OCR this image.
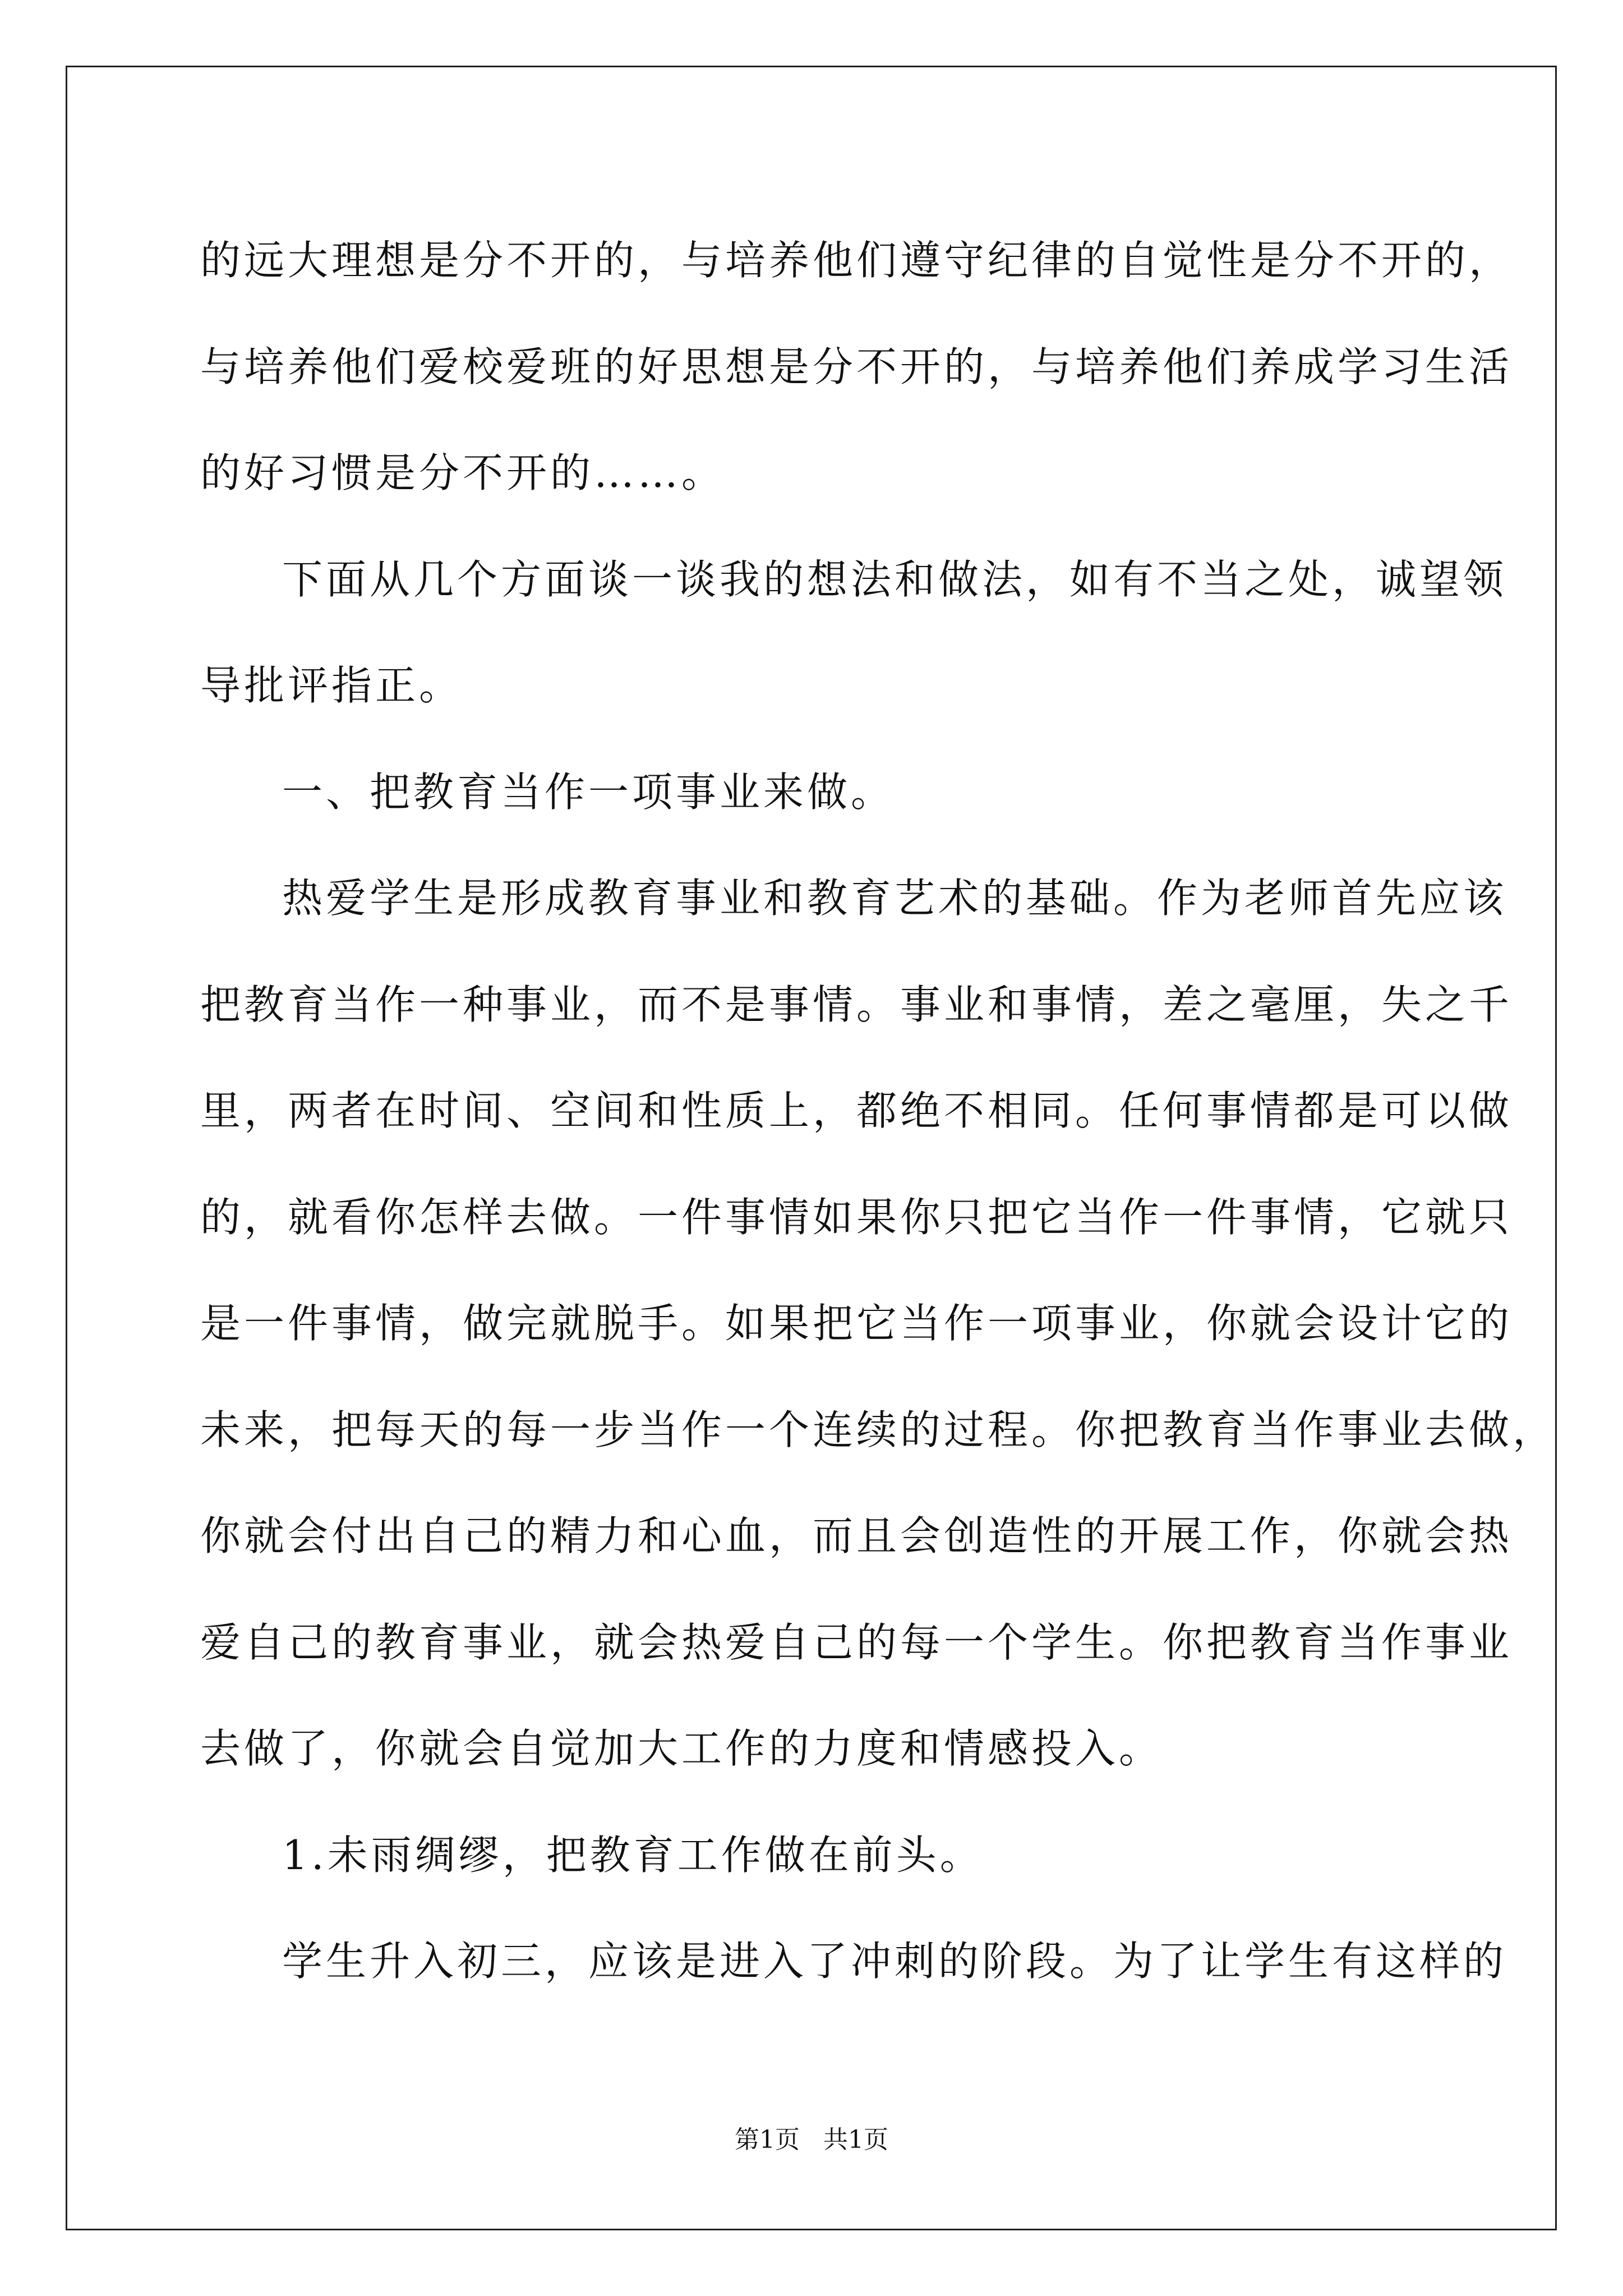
的远大理想是分不开的，与培养他们遵守纪律的自觉性是分不开的，
与培养他们爱校爱班的好思想是分不开的，与培养他们养成学习生活
的好习惯是分不开的……。
下面从几个方面谈一谈我的想法和做法，如有不当之处，诚望领
导批评指正。
一、把教育当作一项事业来做。
热爱学生是形成教育事业和教育艺术的基础。作为老师首先应该
把教育当作一种事业，而不是事情。事业和事情，差之毫厘，失之千
里，两者在时间、空间和性质上，都绝不相同。任何事情都是可以做
的，就看你怎样去做。一件事情如果你只把它当作一件事情，它就只
是一件事情，做完就脱手。如果把它当作一项事业，你就会设计它的
未来，把每天的每一步当作一个连续的过程。你把教育当作事业去做，
你就会付出自己的精力和心血，而且会创造性的开展工作，你就会热
爱自己的教育事业，就会热爱自己的每一个学生。你把教育当作事业
去做了，你就会自觉加大工作的力度和情感投入。
1.未雨绸缪，把教育工作做在前头。
学生升入初三，应该是进入了冲刺的阶段。为了让学生有这样的
第1页   共1页
